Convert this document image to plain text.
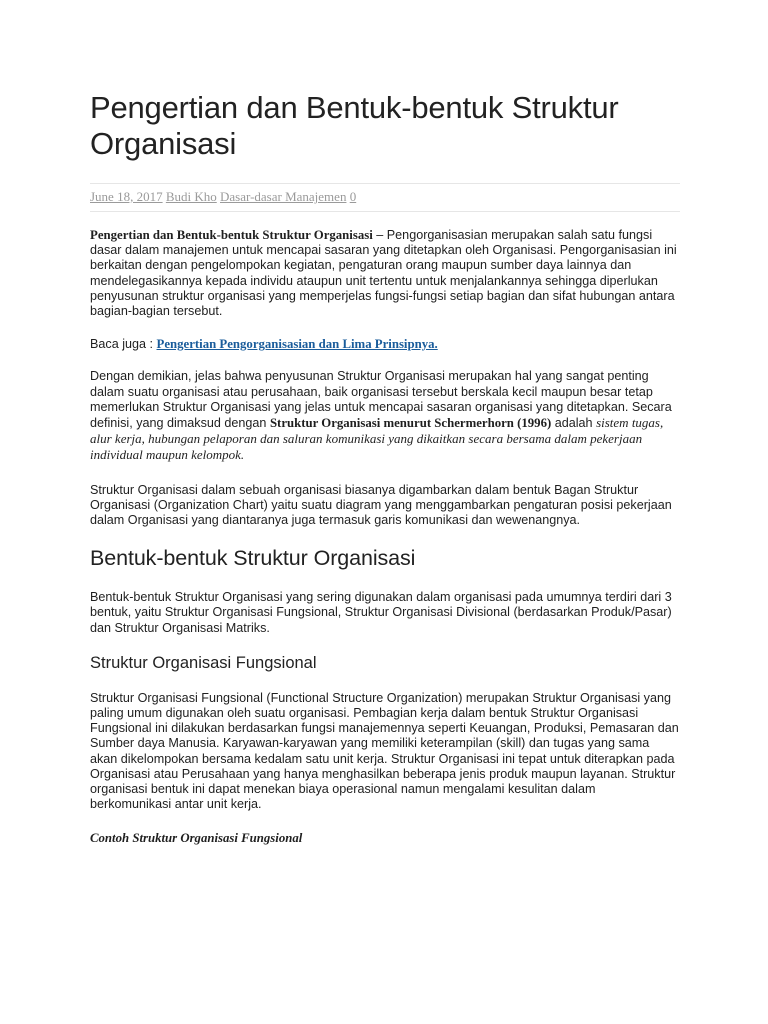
Pengertian dan Bentuk-bentuk Struktur Organisasi
June 18, 2017 Budi Kho Dasar-dasar Manajemen 0

Pengertian dan Bentuk-bentuk Struktur Organisasi – Pengorganisasian merupakan salah satu fungsi dasar dalam manajemen untuk mencapai sasaran yang ditetapkan oleh Organisasi. Pengorganisasian ini berkaitan dengan pengelompokan kegiatan, pengaturan orang maupun sumber daya lainnya dan mendelegasikannya kepada individu ataupun unit tertentu untuk menjalankannya sehingga diperlukan penyusunan struktur organisasi yang memperjelas fungsi-fungsi setiap bagian dan sifat hubungan antara bagian-bagian tersebut.

Baca juga : Pengertian Pengorganisasian dan Lima Prinsipnya.

Dengan demikian, jelas bahwa penyusunan Struktur Organisasi merupakan hal yang sangat penting dalam suatu organisasi atau perusahaan, baik organisasi tersebut berskala kecil maupun besar tetap memerlukan Struktur Organisasi yang jelas untuk mencapai sasaran organisasi yang ditetapkan. Secara definisi, yang dimaksud dengan Struktur Organisasi menurut Schermerhorn (1996) adalah sistem tugas, alur kerja, hubungan pelaporan dan saluran komunikasi yang dikaitkan secara bersama dalam pekerjaan individual maupun kelompok.

Struktur Organisasi dalam sebuah organisasi biasanya digambarkan dalam bentuk Bagan Struktur Organisasi (Organization Chart) yaitu suatu diagram yang menggambarkan pengaturan posisi pekerjaan dalam Organisasi yang diantaranya juga termasuk garis komunikasi dan wewenangnya.

Bentuk-bentuk Struktur Organisasi

Bentuk-bentuk Struktur Organisasi yang sering digunakan dalam organisasi pada umumnya terdiri dari 3 bentuk, yaitu Struktur Organisasi Fungsional, Struktur Organisasi Divisional (berdasarkan Produk/Pasar) dan Struktur Organisasi Matriks.

Struktur Organisasi Fungsional

Struktur Organisasi Fungsional (Functional Structure Organization) merupakan Struktur Organisasi yang paling umum digunakan oleh suatu organisasi. Pembagian kerja dalam bentuk Struktur Organisasi Fungsional ini dilakukan berdasarkan fungsi manajemennya seperti Keuangan, Produksi, Pemasaran dan Sumber daya Manusia. Karyawan-karyawan yang memiliki keterampilan (skill) dan tugas yang sama akan dikelompokan bersama kedalam satu unit kerja. Struktur Organisasi ini tepat untuk diterapkan pada Organisasi atau Perusahaan yang hanya menghasilkan beberapa jenis produk maupun layanan. Struktur organisasi bentuk ini dapat menekan biaya operasional namun mengalami kesulitan dalam berkomunikasi antar unit kerja.

Contoh Struktur Organisasi Fungsional
